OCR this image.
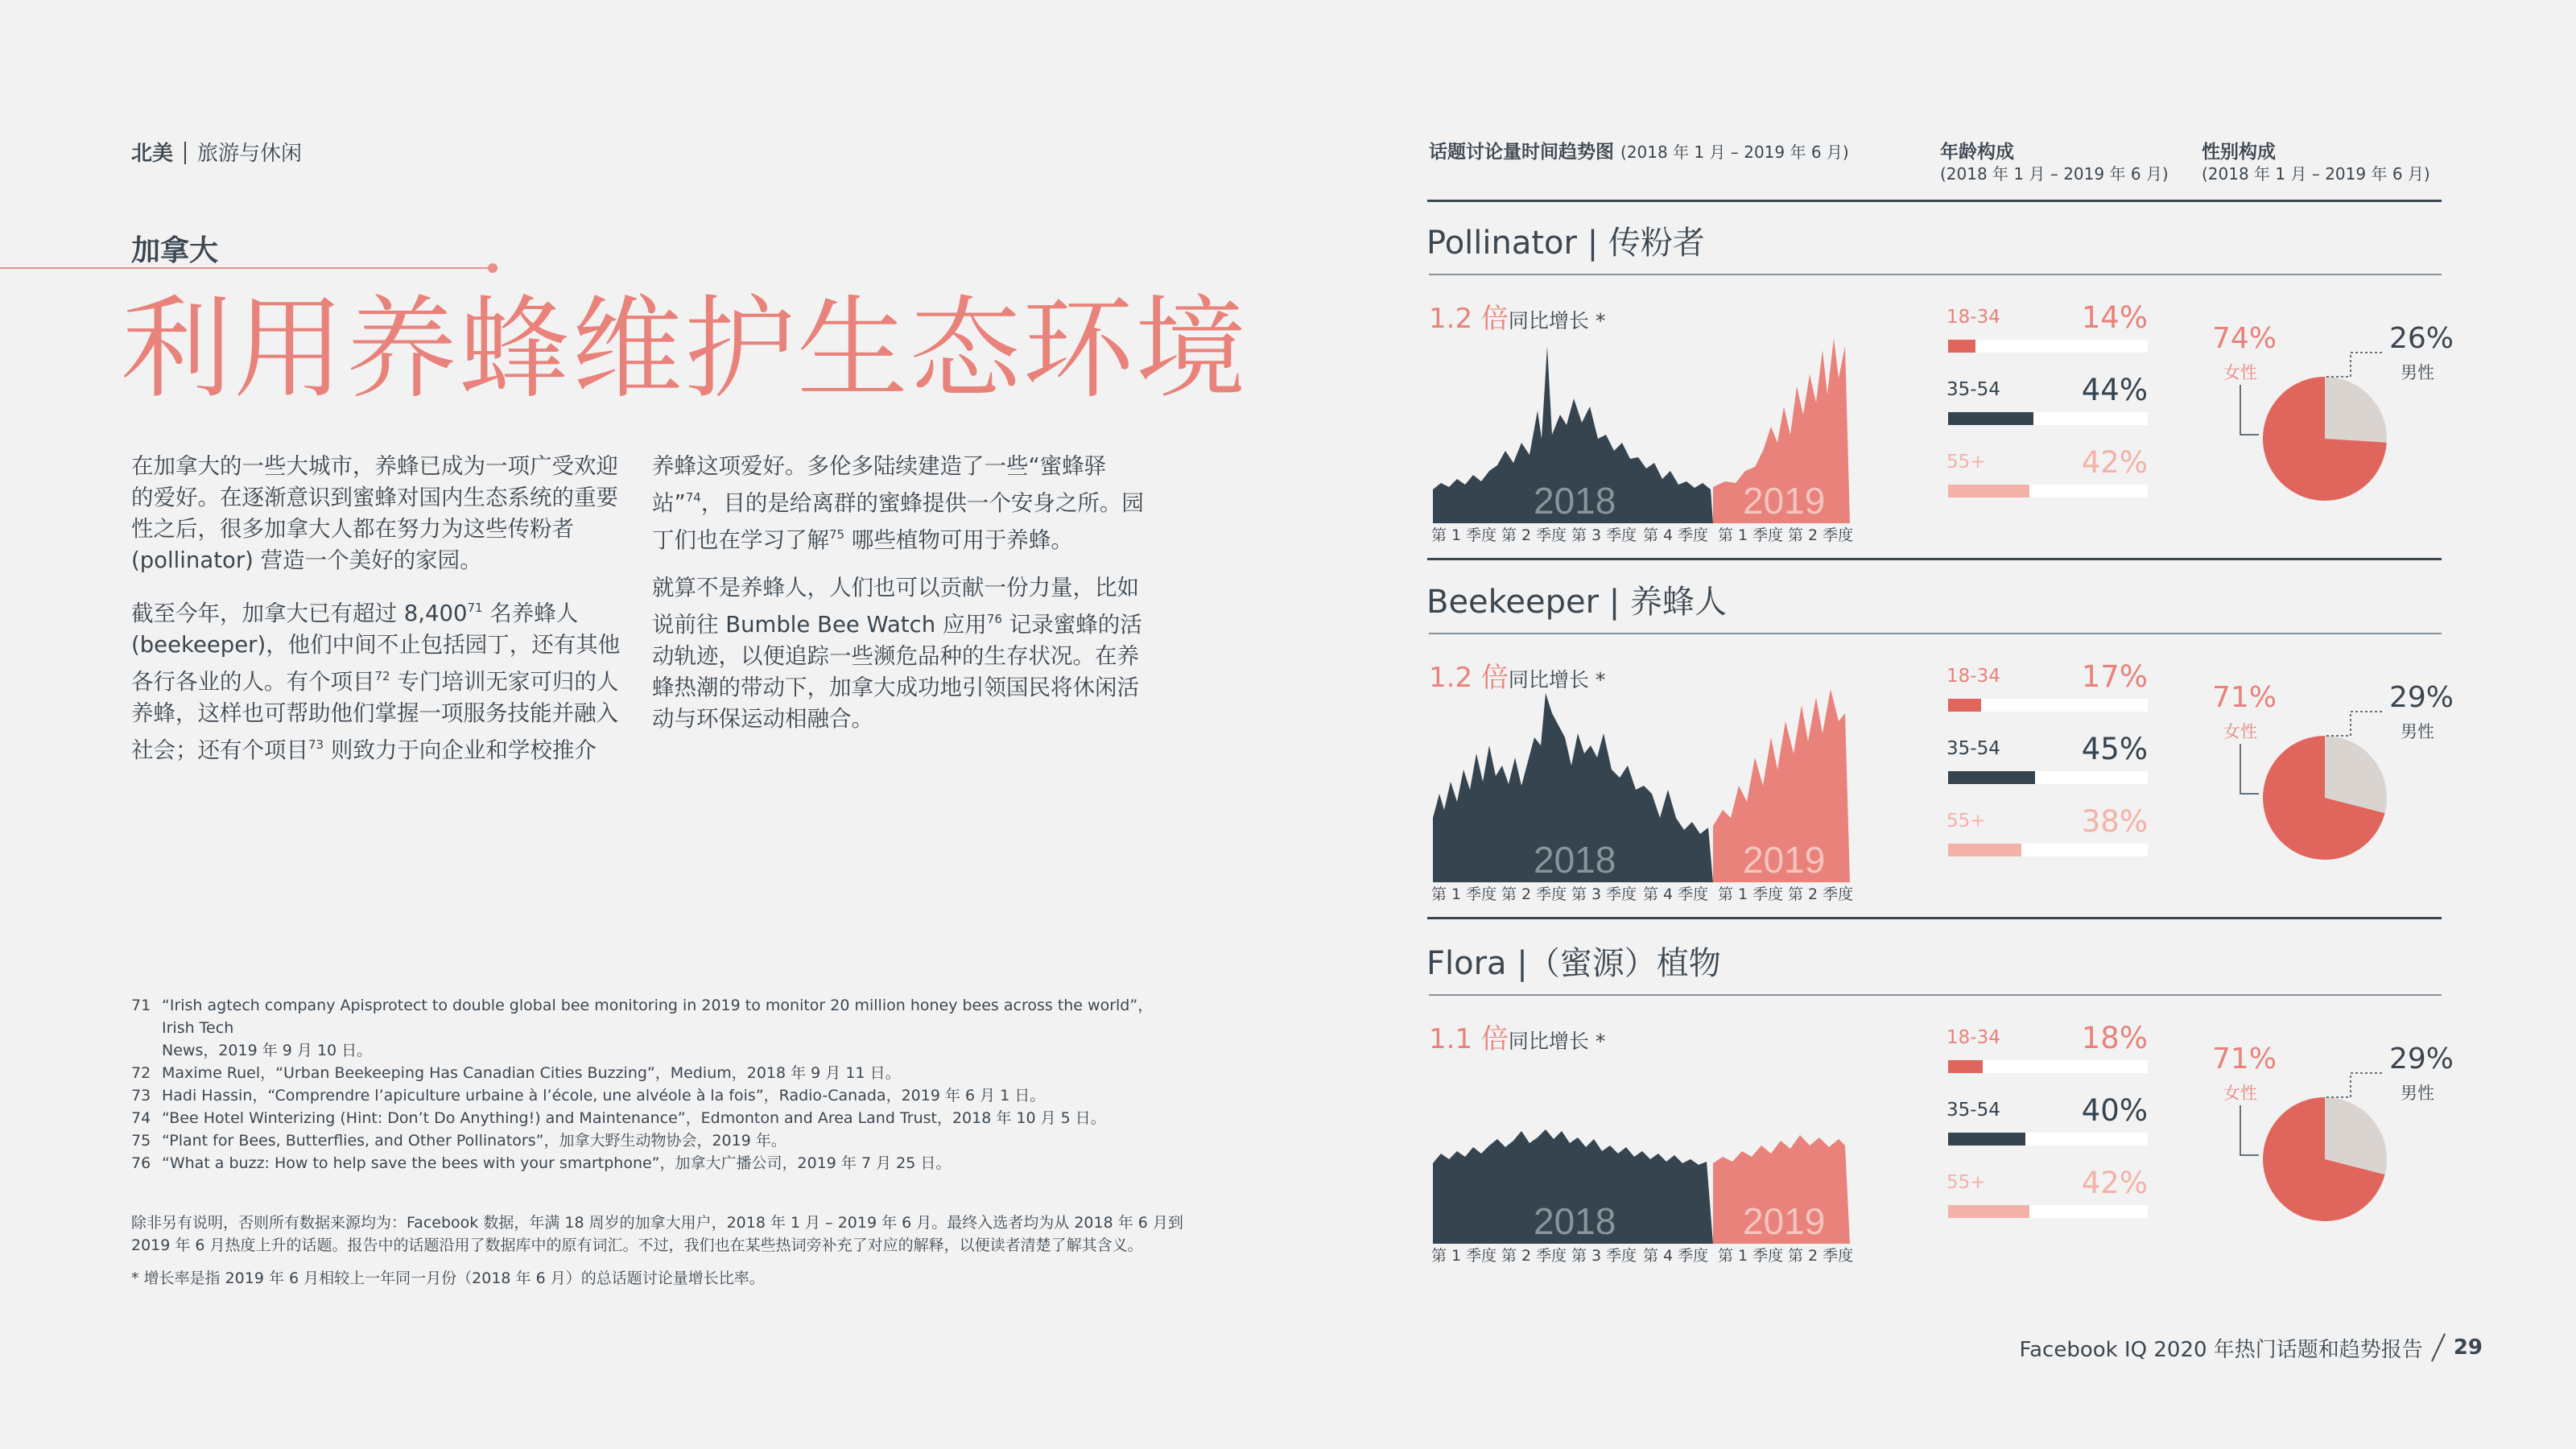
北美 旅游与休闲
加拿大
利用养蜂维护生态环境

在加拿大的一些大城市，养蜂已成为一项广受欢迎的爱好。在逐渐意识到蜜蜂对国内生态系统的重要性之后，很多加拿大人都在努力为这些传粉者 (pollinator) 营造一个美好的家园。

截至今年，加拿大已有超过 8,400$^{71}$ 名养蜂人 (beekeeper)，他们中间不止包括园丁，还有其他各行各业的人。有个项目$^{72}$ 专门培训无家可归的人养蜂，这样也可帮助他们掌握一项服务技能并融入社会；还有个项目$^{73}$ 则致力于向企业和学校推介

养蜂这项爱好。多伦多陆续建造了一些“蜜蜂驿站”$^{74}$，目的是给离群的蜜蜂提供一个安身之所。园丁们也在学习了解$^{75}$ 哪些植物可用于养蜂。

就算不是养蜂人，人们也可以贡献一份力量，比如说前往 Bumble Bee Watch 应用$^{76}$ 记录蜜蜂的活动轨迹，以便追踪一些濒危品种的生存状况。在养蜂热潮的带动下，加拿大成功地引领国民将休闲活动与环保运动相融合。

71 “Irish agtech company Apisprotect to double global bee monitoring in 2019 to monitor 20 million honey bees across the world”，Irish Tech
News，2019 年 9 月 10 日。
72 Maxime Ruel，“Urban Beekeeping Has Canadian Cities Buzzing”，Medium，2018 年 9 月 11 日。
73 Hadi Hassin，“Comprendre l’apiculture urbaine à l’école, une alvéole à la fois”，Radio-Canada，2019 年 6 月 1 日。
74 “Bee Hotel Winterizing (Hint: Don’t Do Anything!) and Maintenance”，Edmonton and Area Land Trust，2018 年 10 月 5 日。
75 “Plant for Bees, Butterflies, and Other Pollinators”，加拿大野生动物协会，2019 年。
76 “What a buzz: How to help save the bees with your smartphone”，加拿大广播公司，2019 年 7 月 25 日。
除非另有说明，否则所有数据来源均为：Facebook 数据，年满 18 周岁的加拿大用户，2018 年 1 月 – 2019 年 6 月。最终入选者均为从 2018 年 6 月到 2019 年 6 月热度上升的话题。报告中的话题沿用了数据库中的原有词汇。不过，我们也在某些热词旁补充了对应的解释，以便读者清楚了解其含义。
* 增长率是指 2019 年 6 月相较上一年同一月份（2018 年 6 月）的总话题讨论量增长比率。
话题讨论量时间趋势图 (2018 年 1 月 – 2019 年 6 月)	年龄构成
(2018 年 1 月 – 2019 年 6 月)
性别构成
(2018 年 1 月 – 2019 年 6 月)
Pollinator | 传粉者
1.2 倍同比增长 *
2018	2019
第 1 季度 第 2 季度 第 3 季度 第 4 季度 第 1 季度 第 2 季度
18-34	14%
35-54	44%
55+	42%
74%
女性
26%
男性
Beekeeper | 养蜂人
1.2 倍同比增长 *
2018	2019
第 1 季度 第 2 季度 第 3 季度 第 4 季度 第 1 季度 第 2 季度
18-34	17%
35-54	45%
55+	38%
71%
女性
29%
男性
Flora |（蜜源）植物
1.1 倍同比增长 *
2018	2019
第 1 季度 第 2 季度 第 3 季度 第 4 季度 第 1 季度 第 2 季度
18-34	18%
35-54	40%
55+	42%
71%
女性
29%
男性
Facebook IQ 2020 年热门话题和趋势报告 29
